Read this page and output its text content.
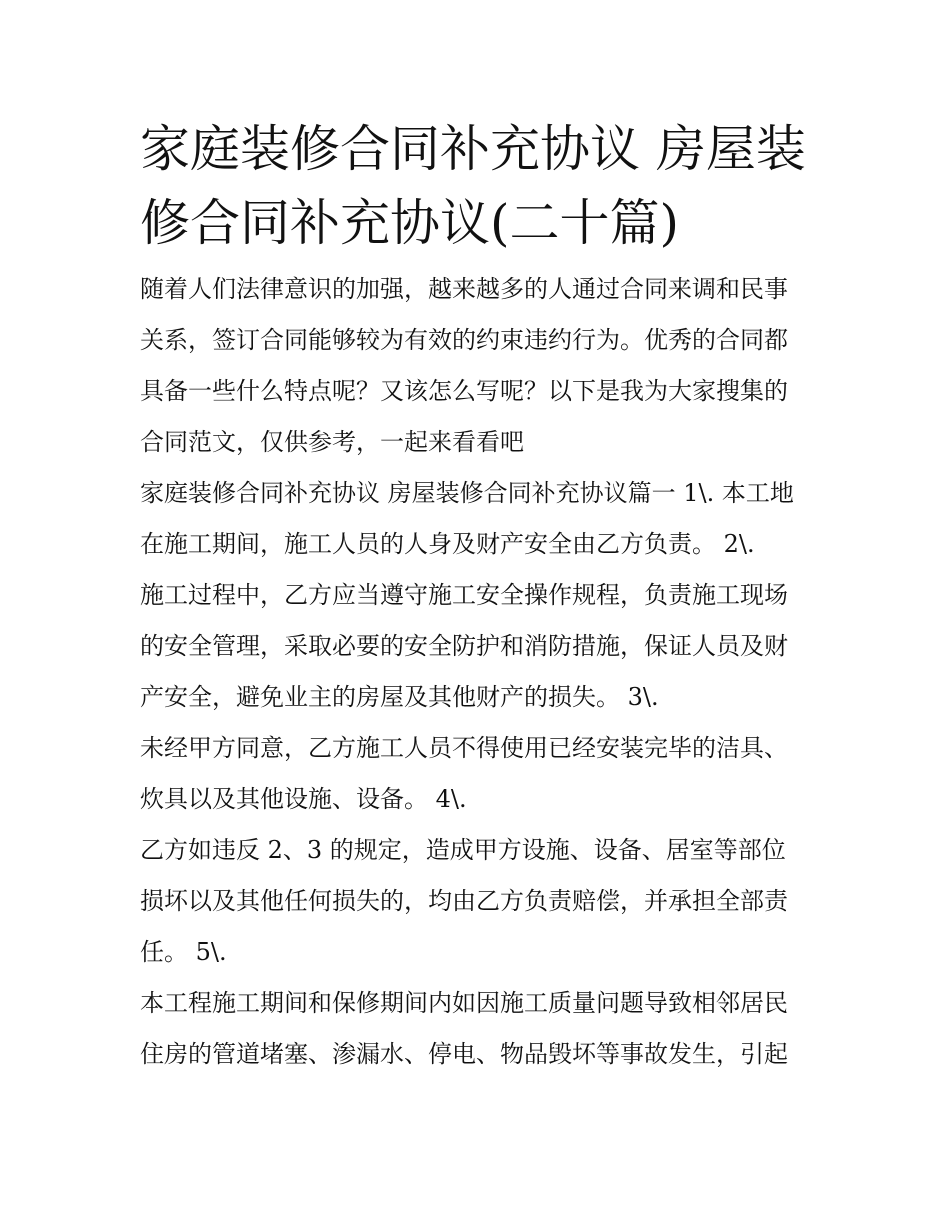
家庭装修合同补充协议 房屋装
修合同补充协议(二十篇)
随着人们法律意识的加强，越来越多的人通过合同来调和民事
关系，签订合同能够较为有效的约束违约行为。优秀的合同都
具备一些什么特点呢？又该怎么写呢？以下是我为大家搜集的
合同范文，仅供参考，一起来看看吧
家庭装修合同补充协议 房屋装修合同补充协议篇一 1\. 本工地
在施工期间，施工人员的人身及财产安全由乙方负责。 2\.
施工过程中，乙方应当遵守施工安全操作规程，负责施工现场
的安全管理，采取必要的安全防护和消防措施，保证人员及财
产安全，避免业主的房屋及其他财产的损失。 3\.
未经甲方同意，乙方施工人员不得使用已经安装完毕的洁具、
炊具以及其他设施、设备。 4\.
乙方如违反 2、3 的规定，造成甲方设施、设备、居室等部位
损坏以及其他任何损失的，均由乙方负责赔偿，并承担全部责
任。 5\.
本工程施工期间和保修期间内如因施工质量问题导致相邻居民
住房的管道堵塞、渗漏水、停电、物品毁坏等事故发生，引起
